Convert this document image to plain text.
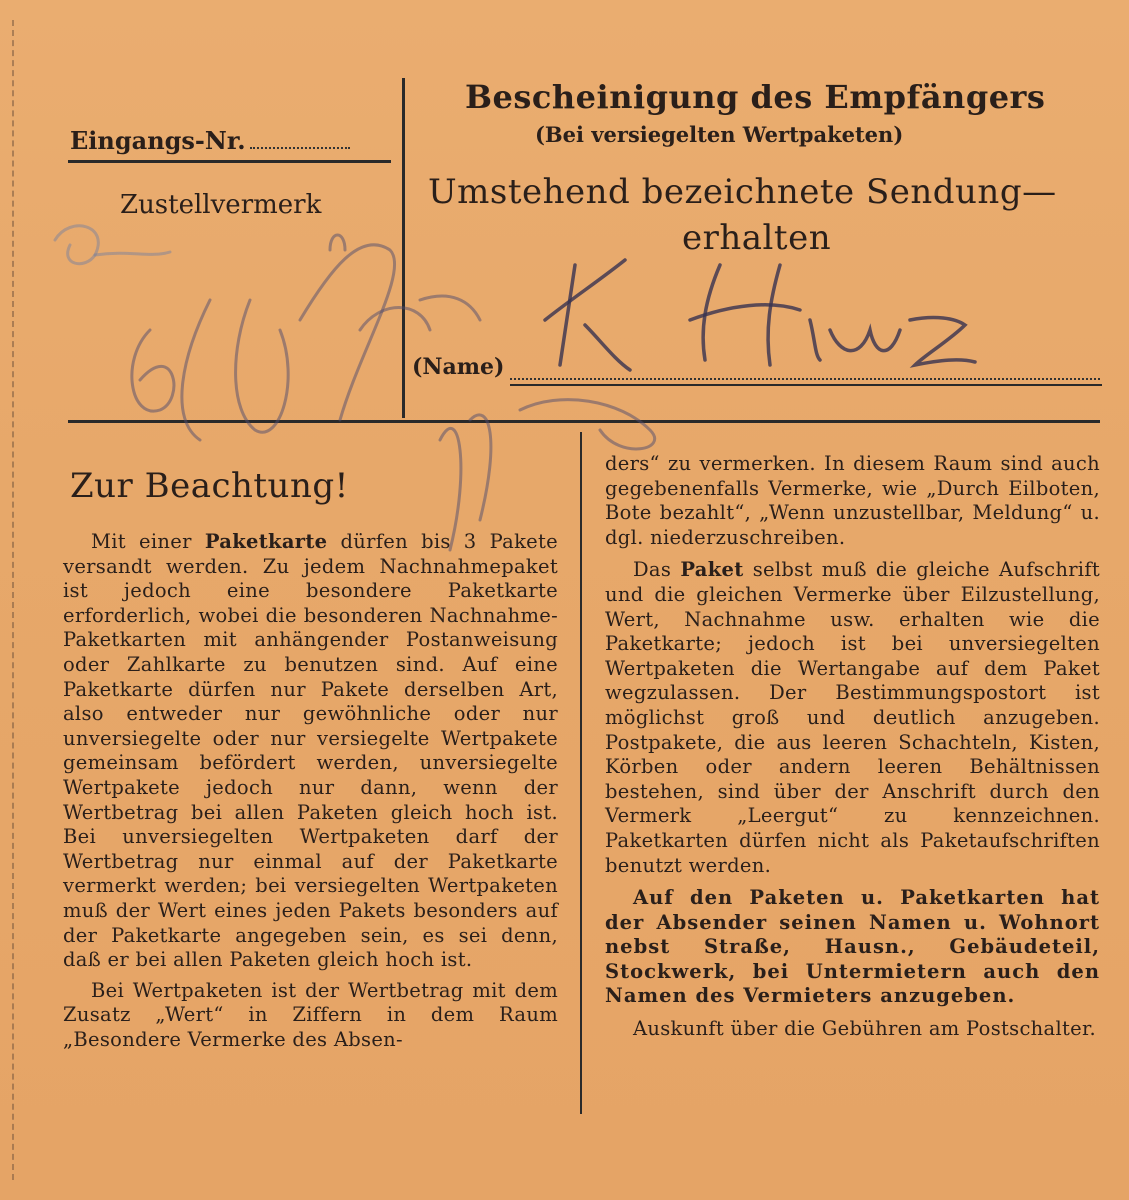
Eingangs-Nr.
Zustellvermerk
Bescheinigung des Empfängers
(Bei versiegelten Wertpaketen)
Umstehend bezeichnete Sendung—
erhalten
(Name)
Zur Beachtung!

Mit einer Paketkarte dürfen bis 3 Pakete versandt werden. Zu jedem Nachnahmepaket ist jedoch eine besondere Paketkarte erforderlich, wobei die besonderen Nachnahme-Paketkarten mit anhängender Postanweisung oder Zahlkarte zu benutzen sind. Auf eine Paketkarte dürfen nur Pakete derselben Art, also entweder nur gewöhnliche oder nur unversiegelte oder nur versiegelte Wertpakete gemeinsam befördert werden, unversiegelte Wertpakete jedoch nur dann, wenn der Wertbetrag bei allen Paketen gleich hoch ist. Bei unversiegelten Wertpaketen darf der Wertbetrag nur einmal auf der Paketkarte vermerkt werden; bei versiegelten Wertpaketen muß der Wert eines jeden Pakets besonders auf der Paketkarte angegeben sein, es sei denn, daß er bei allen Paketen gleich hoch ist.

Bei Wertpaketen ist der Wertbetrag mit dem Zusatz „Wert“ in Ziffern in dem Raum „Besondere Vermerke des Absen-

ders“ zu vermerken. In diesem Raum sind auch gegebenenfalls Vermerke, wie „Durch Eilboten, Bote bezahlt“, „Wenn unzustellbar, Meldung“ u. dgl. niederzuschreiben.

Das Paket selbst muß die gleiche Aufschrift und die gleichen Vermerke über Eilzustellung, Wert, Nachnahme usw. erhalten wie die Paketkarte; jedoch ist bei unversiegelten Wertpaketen die Wertangabe auf dem Paket wegzulassen. Der Bestimmungspostort ist möglichst groß und deutlich anzugeben. Postpakete, die aus leeren Schachteln, Kisten, Körben oder andern leeren Behältnissen bestehen, sind über der Anschrift durch den Vermerk „Leergut“ zu kennzeichnen. Paketkarten dürfen nicht als Paketaufschriften benutzt werden.

Auf den Paketen u. Paketkarten hat der Absender seinen Namen u. Wohnort nebst Straße, Hausn., Gebäudeteil, Stockwerk, bei Untermietern auch den Namen des Vermieters anzugeben.

Auskunft über die Gebühren am Postschalter.
